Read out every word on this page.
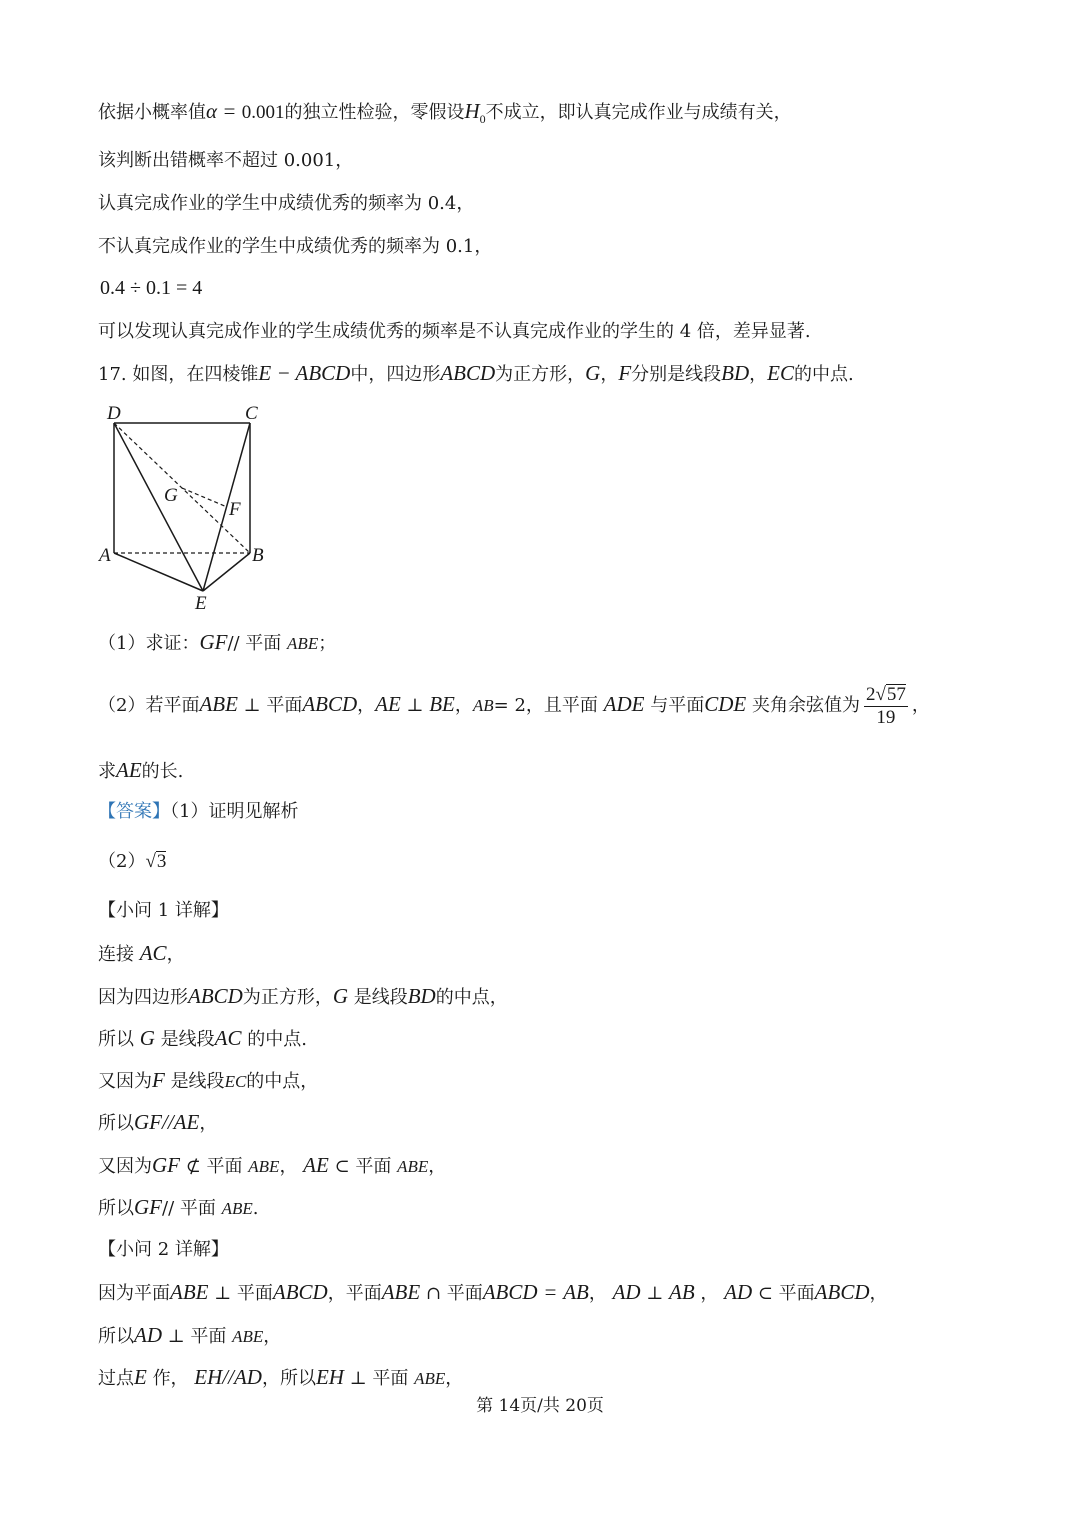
依据小概率值α = 0.001的独立性检验，零假设$H_0$不成立，即认真完成作业与成绩有关，
该判断出错概率不超过 0.001，
认真完成作业的学生中成绩优秀的频率为 0.4，
不认真完成作业的学生中成绩优秀的频率为 0.1，
0.4 ÷ 0.1 = 4
可以发现认真完成作业的学生成绩优秀的频率是不认真完成作业的学生的 4 倍，差异显著.
17. 如图，在四棱锥E − ABCD中，四边形ABCD为正方形，G，F分别是线段BD，EC的中点.
D	C
G
F
A	B
E
（1）求证：GF// 平面 ABE；
（2）若平面ABE ⊥ 平面ABCD，AE ⊥ BE，AB= 2，且平面 ADE 与平面CDE 夹角余弦值为 $\frac{2√57}{19}$ ，
求AE的长.
【答案】（1）证明见解析
（2）√3
【小问 1 详解】
连接 AC，
因为四边形ABCD为正方形，G 是线段BD的中点，
所以 G 是线段AC 的中点.
又因为F 是线段EC的中点，
所以GF//AE，
又因为GF ⊄ 平面 ABE， AE ⊂ 平面 ABE，
所以GF// 平面 ABE.
【小问 2 详解】
因为平面ABE ⊥ 平面ABCD，平面ABE ∩ 平面ABCD = AB， AD ⊥ AB ， AD ⊂ 平面ABCD，
所以AD ⊥ 平面 ABE，
过点E 作， EH//AD，所以EH ⊥ 平面 ABE，
第 14页/共 20页
